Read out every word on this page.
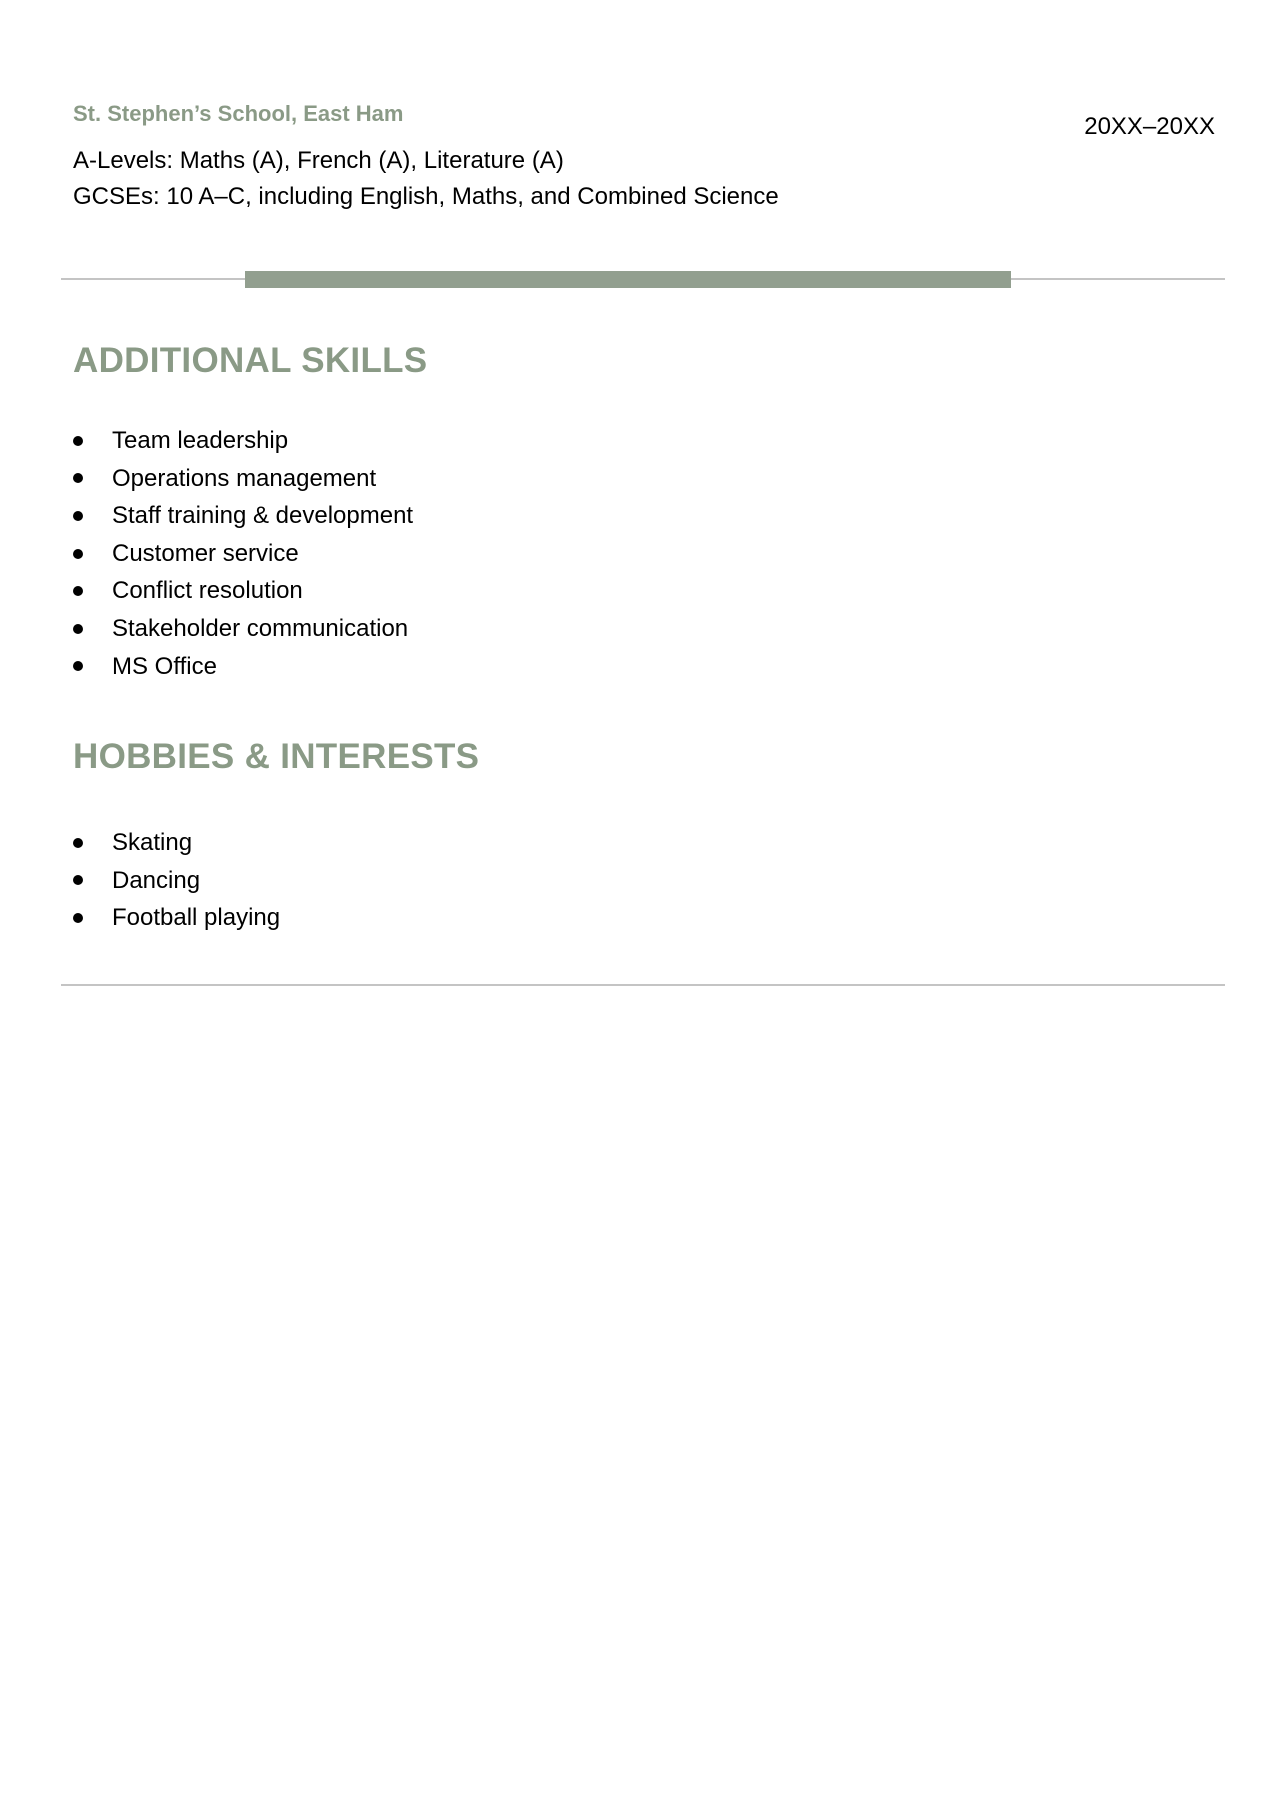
St. Stephen’s School, East Ham	20XX–20XX
A-Levels: Maths (A), French (A), Literature (A)
GCSEs: 10 A–C, including English, Maths, and Combined Science
ADDITIONAL SKILLS
Team leadership
Operations management
Staff training & development
Customer service
Conflict resolution
Stakeholder communication
MS Office
HOBBIES & INTERESTS
Skating
Dancing
Football playing
